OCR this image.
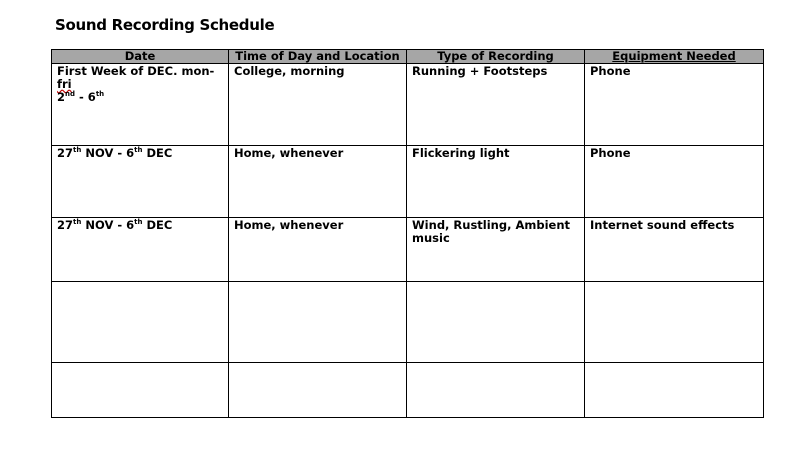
Sound Recording Schedule
Date	Time of Day and Location	Type of Recording	Equipment Needed
First Week of DEC. mon-fri
2nd - 6th	College, morning	Running + Footsteps	Phone
27th NOV - 6th DEC	Home, whenever	Flickering light	Phone
27th NOV - 6th DEC	Home, whenever	Wind, Rustling, Ambient music	Internet sound effects
